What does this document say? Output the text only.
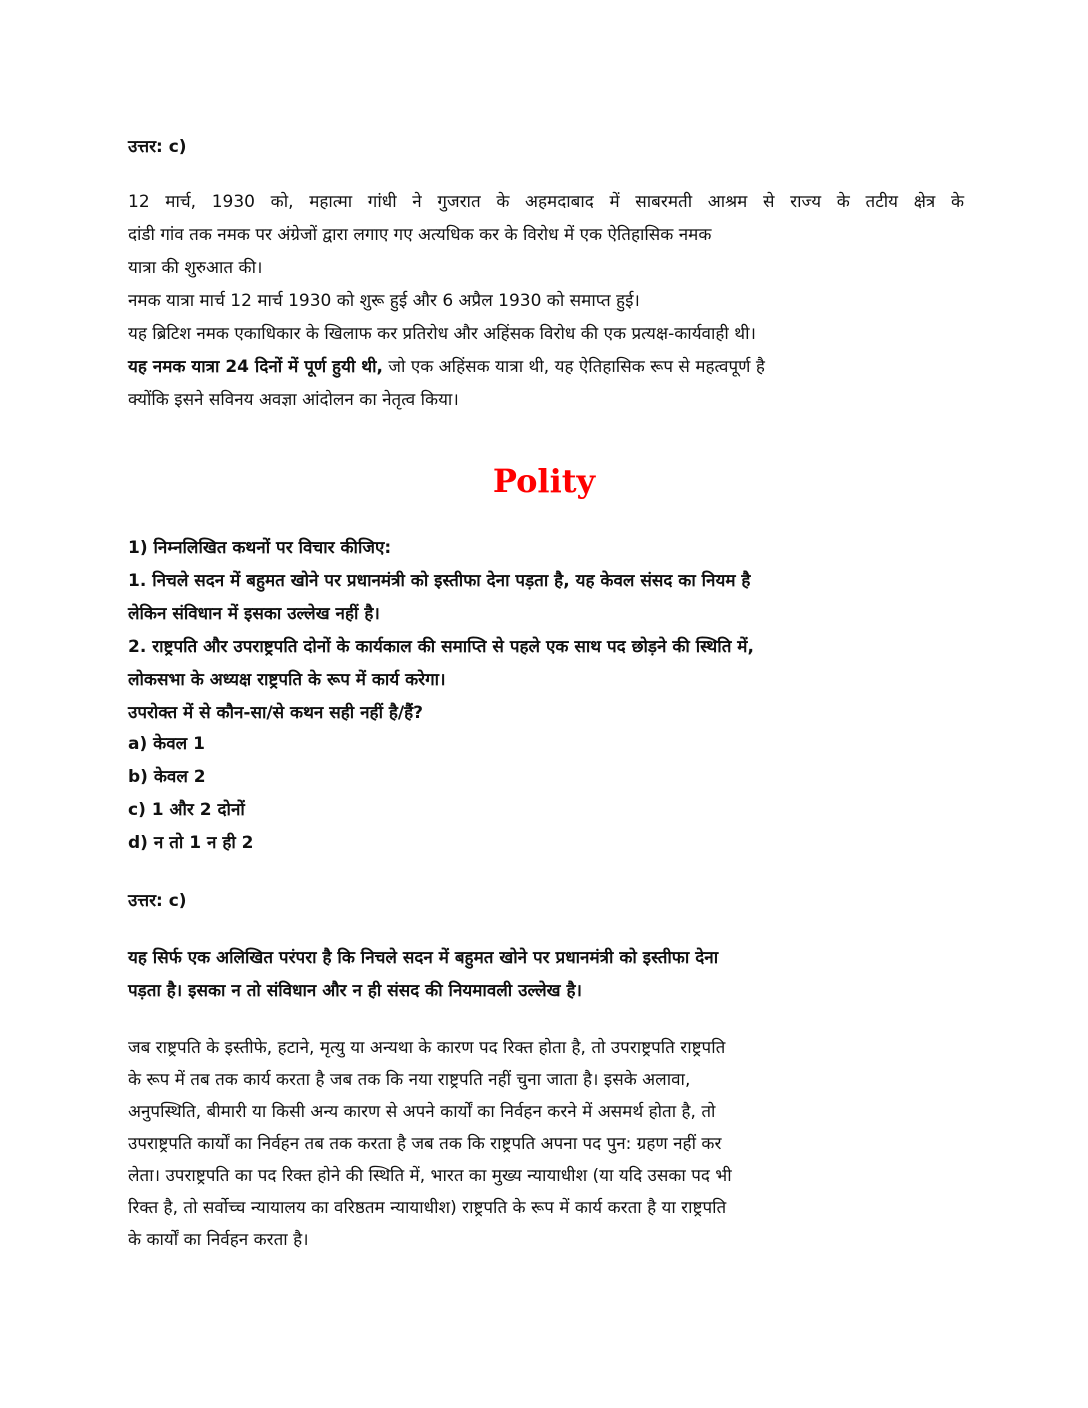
उत्तर: c)
12 मार्च, 1930 को, महात्मा गांधी ने गुजरात के अहमदाबाद में साबरमती आश्रम से राज्य के तटीय क्षेत्र के
दांडी गांव तक नमक पर अंग्रेजों द्वारा लगाए गए अत्यधिक कर के विरोध में एक ऐतिहासिक नमक
यात्रा की शुरुआत की।
नमक यात्रा मार्च 12 मार्च 1930 को शुरू हुई और 6 अप्रैल 1930 को समाप्त हुई।
यह ब्रिटिश नमक एकाधिकार के खिलाफ कर प्रतिरोध और अहिंसक विरोध की एक प्रत्यक्ष-कार्यवाही थी।
यह नमक यात्रा 24 दिनों में पूर्ण हुयी थी, जो एक अहिंसक यात्रा थी, यह ऐतिहासिक रूप से महत्वपूर्ण है
क्योंकि इसने सविनय अवज्ञा आंदोलन का नेतृत्व किया।
Polity
1) निम्नलिखित कथनों पर विचार कीजिए:
1. निचले सदन में बहुमत खोने पर प्रधानमंत्री को इस्तीफा देना पड़ता है, यह केवल संसद का नियम है
लेकिन संविधान में इसका उल्लेख नहीं है।
2. राष्ट्रपति और उपराष्ट्रपति दोनों के कार्यकाल की समाप्ति से पहले एक साथ पद छोड़ने की स्थिति में,
लोकसभा के अध्यक्ष राष्ट्रपति के रूप में कार्य करेगा।
उपरोक्त में से कौन-सा/से कथन सही नहीं है/हैं?
a) केवल 1
b) केवल 2
c) 1 और 2 दोनों
d) न तो 1 न ही 2
उत्तर: c)
यह सिर्फ एक अलिखित परंपरा है कि निचले सदन में बहुमत खोने पर प्रधानमंत्री को इस्तीफा देना
पड़ता है। इसका न तो संविधान और न ही संसद की नियमावली उल्लेख है।
जब राष्ट्रपति के इस्तीफे, हटाने, मृत्यु या अन्यथा के कारण पद रिक्त होता है, तो उपराष्ट्रपति राष्ट्रपति
के रूप में तब तक कार्य करता है जब तक कि नया राष्ट्रपति नहीं चुना जाता है। इसके अलावा,
अनुपस्थिति, बीमारी या किसी अन्य कारण से अपने कार्यों का निर्वहन करने में असमर्थ होता है, तो
उपराष्ट्रपति कार्यों का निर्वहन तब तक करता है जब तक कि राष्ट्रपति अपना पद पुन: ग्रहण नहीं कर
लेता। उपराष्ट्रपति का पद रिक्त होने की स्थिति में, भारत का मुख्य न्यायाधीश (या यदि उसका पद भी
रिक्त है, तो सर्वोच्च न्यायालय का वरिष्ठतम न्यायाधीश) राष्ट्रपति के रूप में कार्य करता है या राष्ट्रपति
के कार्यों का निर्वहन करता है।
